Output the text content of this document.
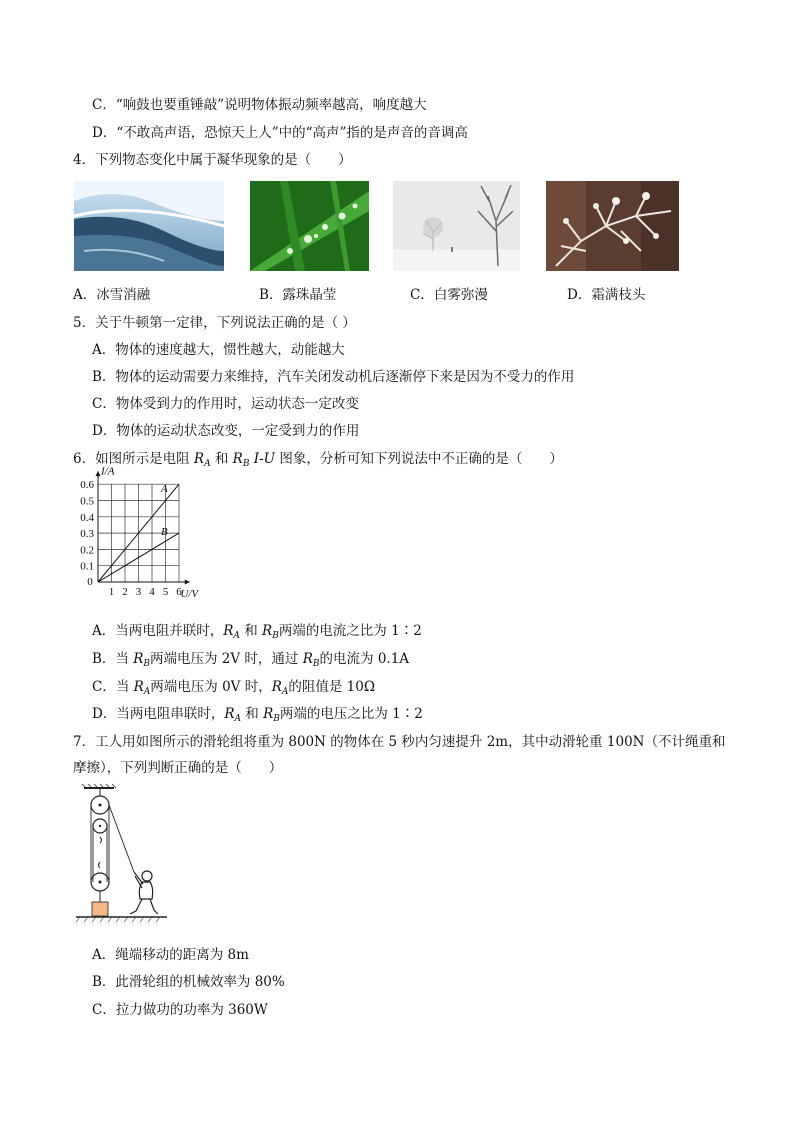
C．“响鼓也要重锤敲”说明物体振动频率越高，响度越大
D．“不敢高声语，恐惊天上人”中的“高声”指的是声音的音调高
4．下列物态变化中属于凝华现象的是（　　）
A．冰雪消融	B．露珠晶莹	C．白雾弥漫	D．霜满枝头
5．关于牛顿第一定律，下列说法正确的是（ ）
A．物体的速度越大，惯性越大，动能越大
B．物体的运动需要力来维持，汽车关闭发动机后逐渐停下来是因为不受力的作用
C．物体受到力的作用时，运动状态一定改变
D．物体的运动状态改变，一定受到力的作用
6．如图所示是电阻 $R_A$ 和 $R_B$ I-U 图象，分析可知下列说法中不正确的是（　　）
1 2 3 4 5 6
0.1
0.2
0.3
0.4
0.5
0.6
0
I/A
U/V
A
B
A．当两电阻并联时，$R_A$ 和 $R_B$两端的电流之比为 1∶2
B．当 $R_B$两端电压为 2V 时，通过 $R_B$的电流为 0.1A
C．当 $R_A$两端电压为 0V 时，$R_A$的阻值是 10Ω
D．当两电阻串联时，$R_A$ 和 $R_B$两端的电压之比为 1∶2
7．工人用如图所示的滑轮组将重为 800N 的物体在 5 秒内匀速提升 2m，其中动滑轮重 100N（不计绳重和
摩擦），下列判断正确的是（　　）
A．绳端移动的距离为 8m
B．此滑轮组的机械效率为 80%
C．拉力做功的功率为 360W
